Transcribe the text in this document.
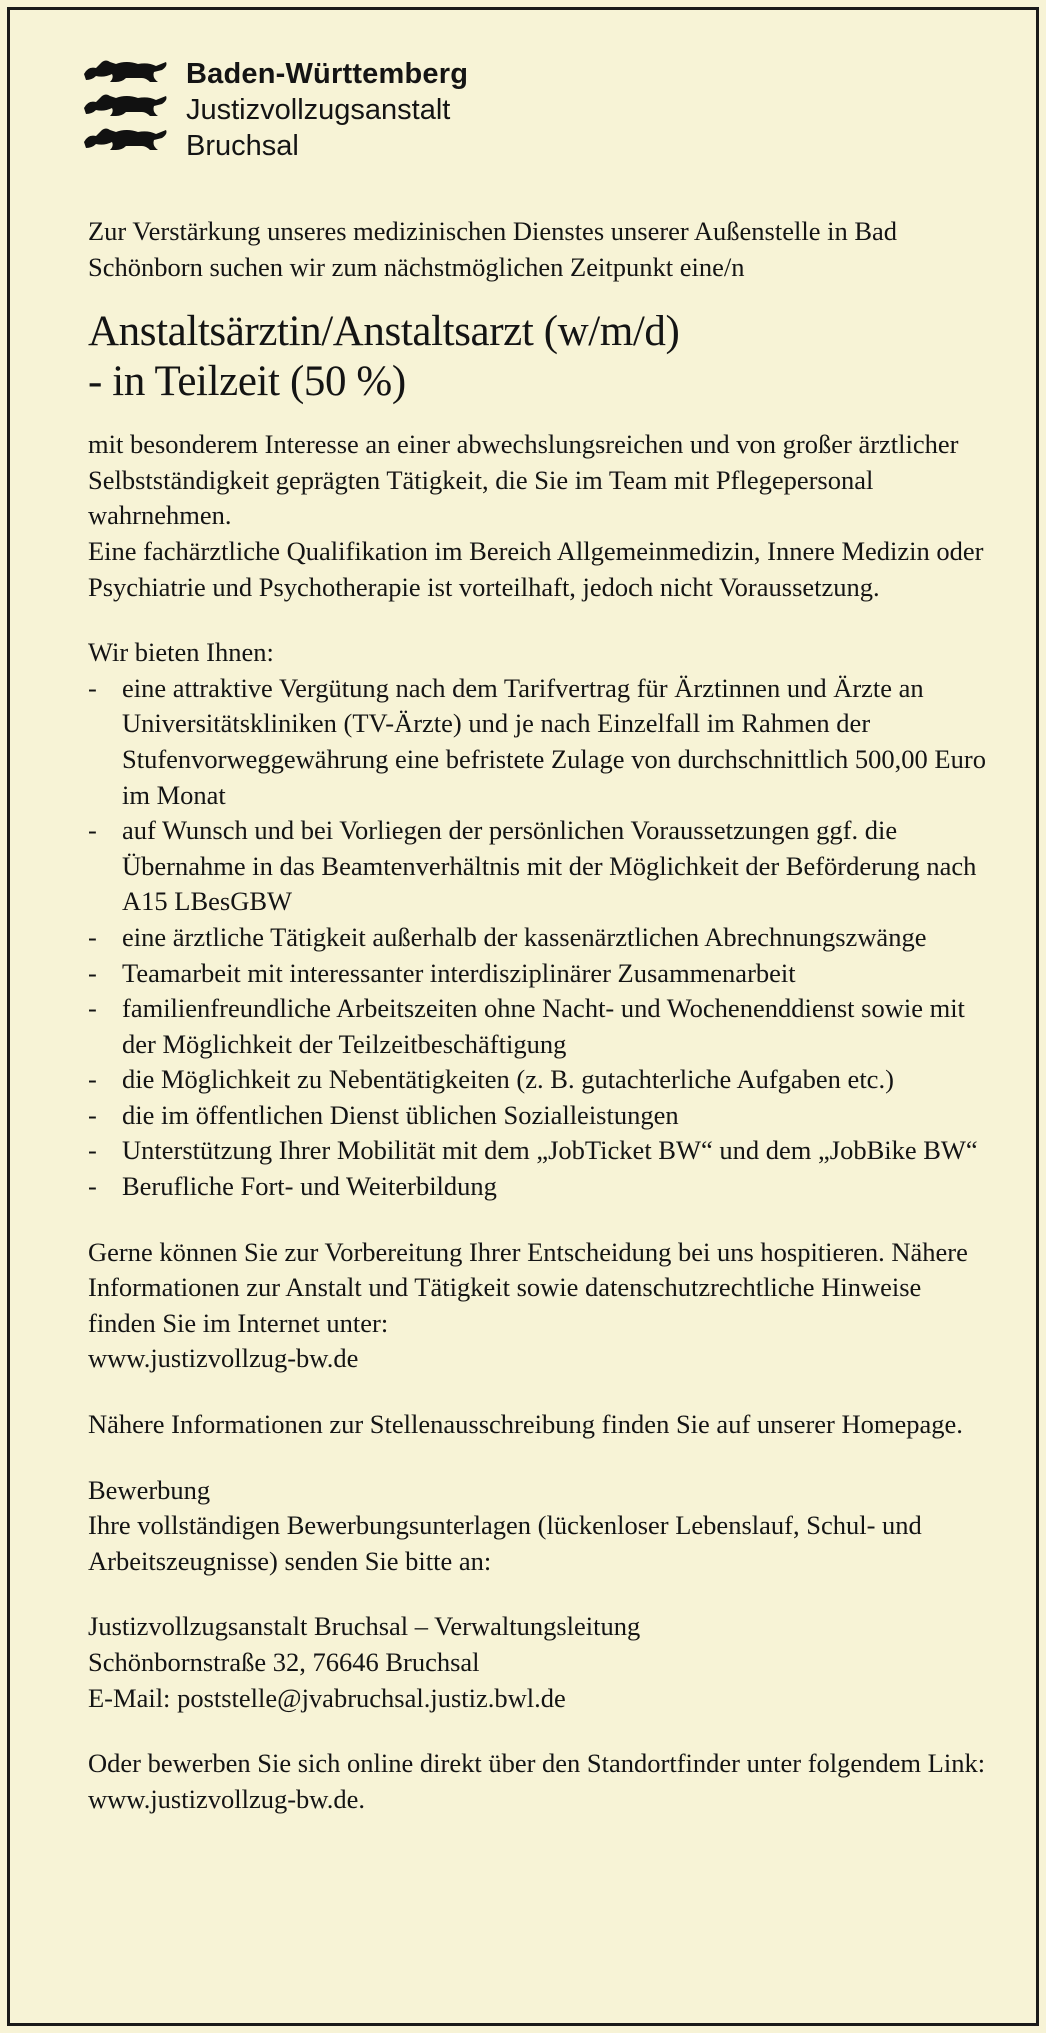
Baden-Württemberg
Justizvollzugsanstalt
Bruchsal

Zur Verstärkung unseres medizinischen Dienstes unserer Außenstelle in Bad Schönborn suchen wir zum nächstmöglichen Zeitpunkt eine/n

Anstaltsärztin/Anstaltsarzt (w/m/d)
- in Teilzeit (50 %)

mit besonderem Interesse an einer abwechslungsreichen und von großer ärztlicher Selbstständigkeit geprägten Tätigkeit, die Sie im Team mit Pflegepersonal wahrnehmen.

Eine fachärztliche Qualifikation im Bereich Allgemeinmedizin, Innere Medizin oder Psychiatrie und Psychotherapie ist vorteilhaft, jedoch nicht Voraussetzung.

Wir bieten Ihnen:

- eine attraktive Vergütung nach dem Tarifvertrag für Ärztinnen und Ärzte an Universitätskliniken (TV-Ärzte) und je nach Einzelfall im Rahmen der Stufenvorweggewährung eine befristete Zulage von durchschnittlich 500,00 Euro im Monat
- auf Wunsch und bei Vorliegen der persönlichen Voraussetzungen ggf. die Übernahme in das Beamtenverhältnis mit der Möglichkeit der Beförderung nach A15 LBesGBW
- eine ärztliche Tätigkeit außerhalb der kassenärztlichen Abrechnungszwänge
- Teamarbeit mit interessanter interdisziplinärer Zusammenarbeit
- familienfreundliche Arbeitszeiten ohne Nacht- und Wochenenddienst sowie mit der Möglichkeit der Teilzeitbeschäftigung
- die Möglichkeit zu Nebentätigkeiten (z. B. gutachterliche Aufgaben etc.)
- die im öffentlichen Dienst üblichen Sozialleistungen
- Unterstützung Ihrer Mobilität mit dem „JobTicket BW“ und dem „JobBike BW“
- Berufliche Fort- und Weiterbildung

Gerne können Sie zur Vorbereitung Ihrer Entscheidung bei uns hospitieren. Nähere Informationen zur Anstalt und Tätigkeit sowie datenschutzrechtliche Hinweise finden Sie im Internet unter:
www.justizvollzug-bw.de

Nähere Informationen zur Stellenausschreibung finden Sie auf unserer Homepage.

Bewerbung

Ihre vollständigen Bewerbungsunterlagen (lückenloser Lebenslauf, Schul- und Arbeitszeugnisse) senden Sie bitte an:

Justizvollzugsanstalt Bruchsal – Verwaltungsleitung
Schönbornstraße 32, 76646 Bruchsal
E-Mail: poststelle@jvabruchsal.justiz.bwl.de

Oder bewerben Sie sich online direkt über den Standortfinder unter folgendem Link: www.justizvollzug-bw.de.
